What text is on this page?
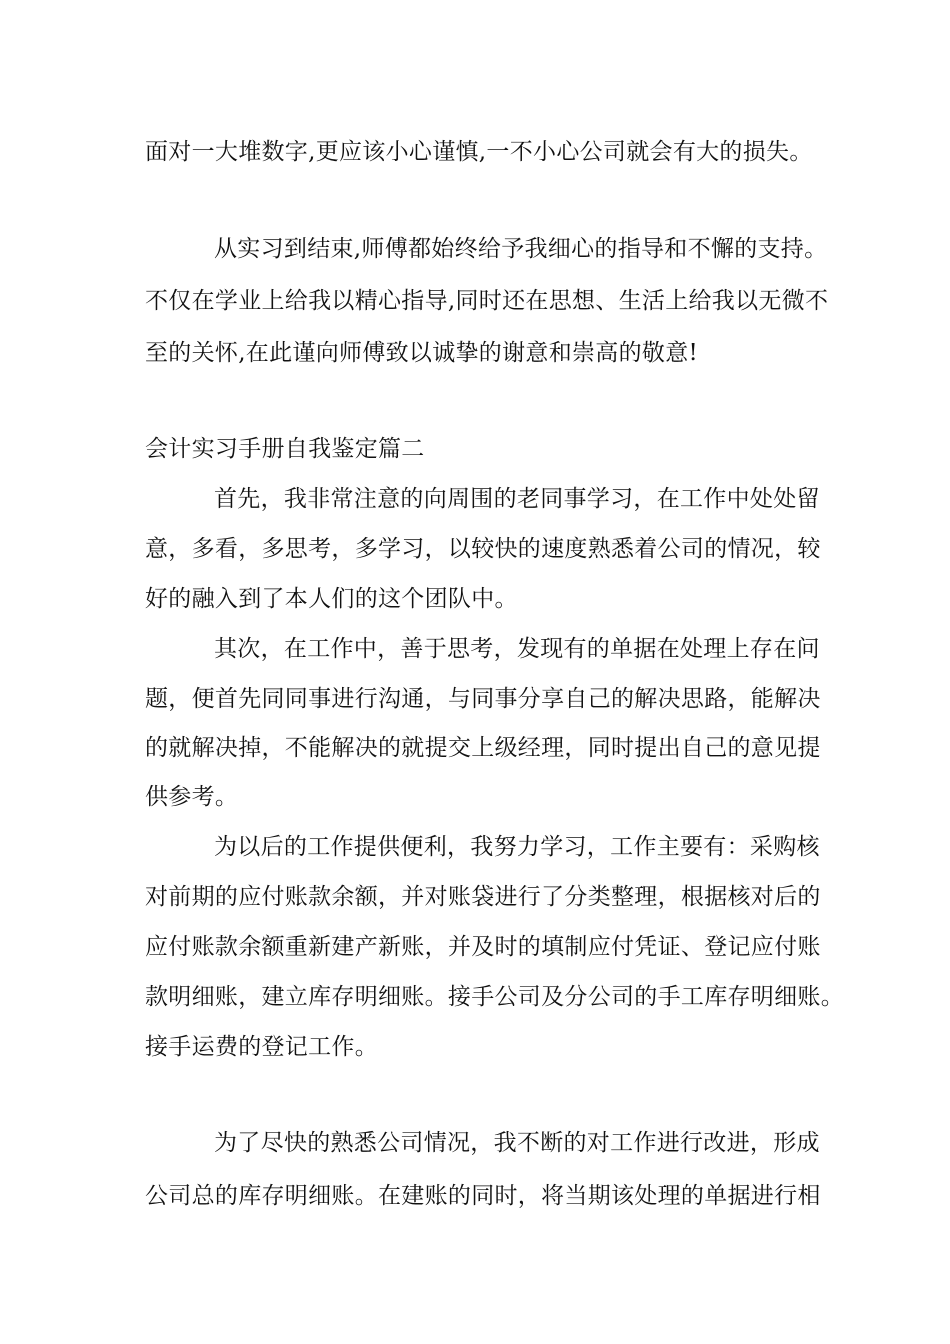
面对一大堆数字,更应该小心谨慎,一不小心公司就会有大的损失。
从实习到结束,师傅都始终给予我细心的指导和不懈的支持。
不仅在学业上给我以精心指导,同时还在思想、生活上给我以无微不
至的关怀,在此谨向师傅致以诚挚的谢意和崇高的敬意!
会计实习手册自我鉴定篇二
首先，我非常注意的向周围的老同事学习，在工作中处处留
意，多看，多思考，多学习，以较快的速度熟悉着公司的情况，较
好的融入到了本人们的这个团队中。
其次，在工作中，善于思考，发现有的单据在处理上存在问
题，便首先同同事进行沟通，与同事分享自己的解决思路，能解决
的就解决掉，不能解决的就提交上级经理，同时提出自己的意见提
供参考。
为以后的工作提供便利，我努力学习，工作主要有：采购核
对前期的应付账款余额，并对账袋进行了分类整理，根据核对后的
应付账款余额重新建产新账，并及时的填制应付凭证、登记应付账
款明细账，建立库存明细账。接手公司及分公司的手工库存明细账。
接手运费的登记工作。
为了尽快的熟悉公司情况，我不断的对工作进行改进，形成
公司总的库存明细账。在建账的同时，将当期该处理的单据进行相
